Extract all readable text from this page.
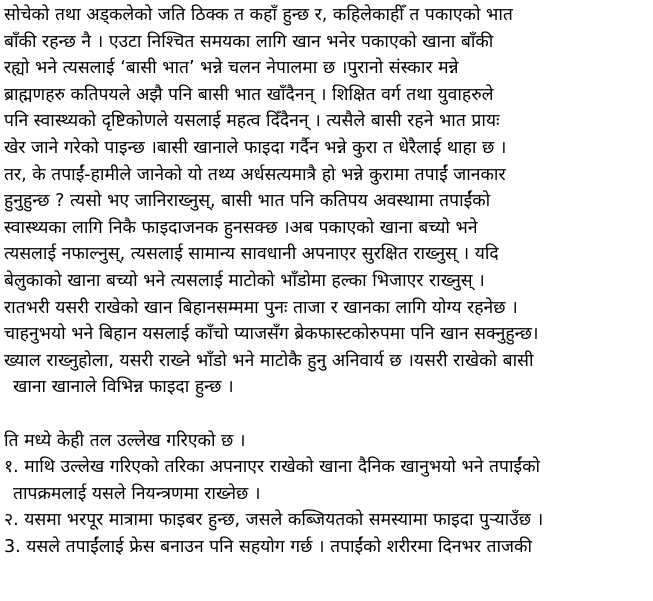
सोचेको तथा अड्कलेको जति ठिक्क त कहाँ हुन्छ र, कहिलेकाहीँ त पकाएको भात
बाँकी रहन्छ नै । एउटा निश्चित समयका लागि खान भनेर पकाएको खाना बाँकी
रह्यो भने त्यसलाई ‘बासी भात’ भन्ने चलन नेपालमा छ ।पुरानो संस्कार मन्ने
ब्राह्मणहरु कतिपयले अझै पनि बासी भात खाँदैनन् । शिक्षित वर्ग तथा युवाहरुले
पनि स्वास्थ्यको दृष्टिकोणले यसलाई महत्व दिँदैनन् । त्यसैले बासी रहने भात प्रायः
खेर जाने गरेको पाइन्छ ।बासी खानाले फाइदा गर्दैन भन्ने कुरा त धेरैलाई थाहा छ ।
तर, के तपाईं-हामीले जानेको यो तथ्य अर्धसत्यमात्रै हो भन्ने कुरामा तपाईं जानकार
हुनुहुन्छ ? त्यसो भए जानिराख्नुस्, बासी भात पनि कतिपय अवस्थामा तपाईंको
स्वास्थ्यका लागि निकै फाइदाजनक हुनसक्छ ।अब पकाएको खाना बच्यो भने
त्यसलाई नफाल्नुस्, त्यसलाई सामान्य सावधानी अपनाएर सुरक्षित राख्नुस् । यदि
बेलुकाको खाना बच्यो भने त्यसलाई माटोको भाँडोमा हल्का भिजाएर राख्नुस् ।
रातभरी यसरी राखेको खान बिहानसम्ममा पुनः ताजा र खानका लागि योग्य रहनेछ ।
चाहनुभयो भने बिहान यसलाई काँचो प्याजसँग ब्रेकफास्टकोरुपमा पनि खान सक्नुहुन्छ।
ख्याल राख्नुहोला, यसरी राख्ने भाँडो भने माटोकै हुनु अनिवार्य छ ।यसरी राखेको बासी
खाना खानाले विभिन्न फाइदा हुन्छ ।
ति मध्ये केही तल उल्लेख गरिएको छ ।
१. माथि उल्लेख गरिएको तरिका अपनाएर राखेको खाना दैनिक खानुभयो भने तपाईंको
तापक्रमलाई यसले नियन्त्रणमा राख्नेछ ।
२. यसमा भरपूर मात्रामा फाइबर हुन्छ, जसले कब्जियतको समस्यामा फाइदा पुर्‍याउँछ ।
3. यसले तपाईंलाई फ्रेस बनाउन पनि सहयोग गर्छ । तपाईंको शरीरमा दिनभर ताजकी
